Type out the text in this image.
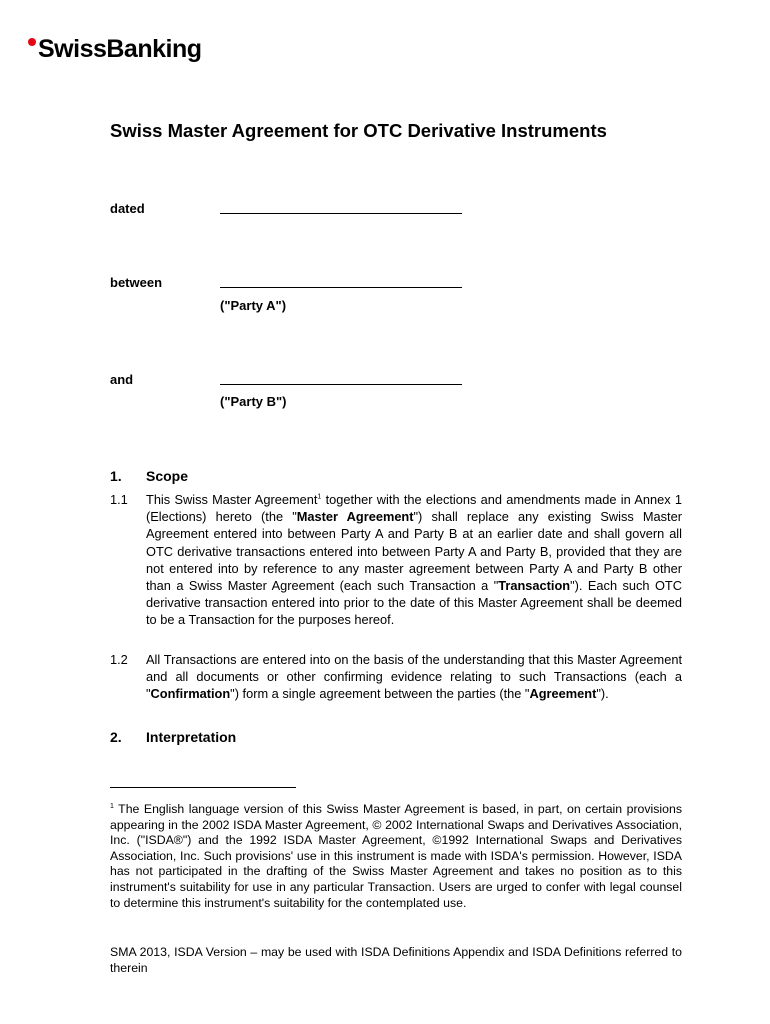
SwissBanking
Swiss Master Agreement for OTC Derivative Instruments
dated
between
("Party A")
and
("Party B")
1. Scope
1.1 This Swiss Master Agreement$^1$ together with the elections and amendments made in Annex 1 (Elections) hereto (the "Master Agreement") shall replace any existing Swiss Master Agreement entered into between Party A and Party B at an earlier date and shall govern all OTC derivative transactions entered into between Party A and Party B, provided that they are not entered into by reference to any master agreement between Party A and Party B other than a Swiss Master Agreement (each such Transaction a "Transaction"). Each such OTC derivative transaction entered into prior to the date of this Master Agreement shall be deemed to be a Transaction for the purposes hereof.
1.2 All Transactions are entered into on the basis of the understanding that this Master Agreement and all documents or other confirming evidence relating to such Transactions (each a "Confirmation") form a single agreement between the parties (the "Agreement").
2. Interpretation
$^1$ The English language version of this Swiss Master Agreement is based, in part, on certain provisions appearing in the 2002 ISDA Master Agreement, © 2002 International Swaps and Derivatives Association, Inc. ("ISDA®") and the 1992 ISDA Master Agreement, ©1992 International Swaps and Derivatives Association, Inc. Such provisions' use in this instrument is made with ISDA's permission. However, ISDA has not participated in the drafting of the Swiss Master Agreement and takes no position as to this instrument's suitability for use in any particular Transaction. Users are urged to confer with legal counsel to determine this instrument's suitability for the contemplated use.
SMA 2013, ISDA Version – may be used with ISDA Definitions Appendix and ISDA Definitions referred to therein
